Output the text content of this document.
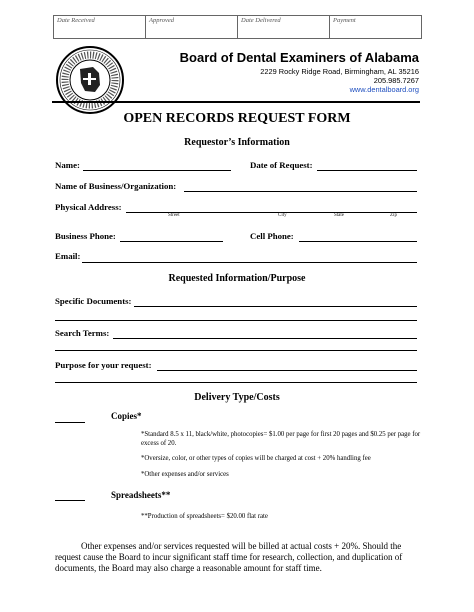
Date Received	Approved	Date Delivered	Payment
Board of Dental Examiners of Alabama
2229 Rocky Ridge Road, Birmingham, AL 35216
205.985.7267
www.dentalboard.org
OPEN RECORDS REQUEST FORM
Requestor’s Information
Name:	Date of Request:
Name of Business/Organization:
Physical Address:
Street	City	State	Zip
Business Phone:	Cell Phone:
Email:
Requested Information/Purpose
Specific Documents:
Search Terms:
Purpose for your request:
Delivery Type/Costs
Copies*
*Standard 8.5 x 11, black/white, photocopies= $1.00 per page for first 20 pages and $0.25 per page for excess of 20.
*Oversize, color, or other types of copies will be charged at cost + 20% handling fee
*Other expenses and/or services
Spreadsheets**
**Production of spreadsheets= $20.00 flat rate
Other expenses and/or services requested will be billed at actual costs + 20%. Should the request cause the Board to incur significant staff time for research, collection, and duplication of documents, the Board may also charge a reasonable amount for staff time.
